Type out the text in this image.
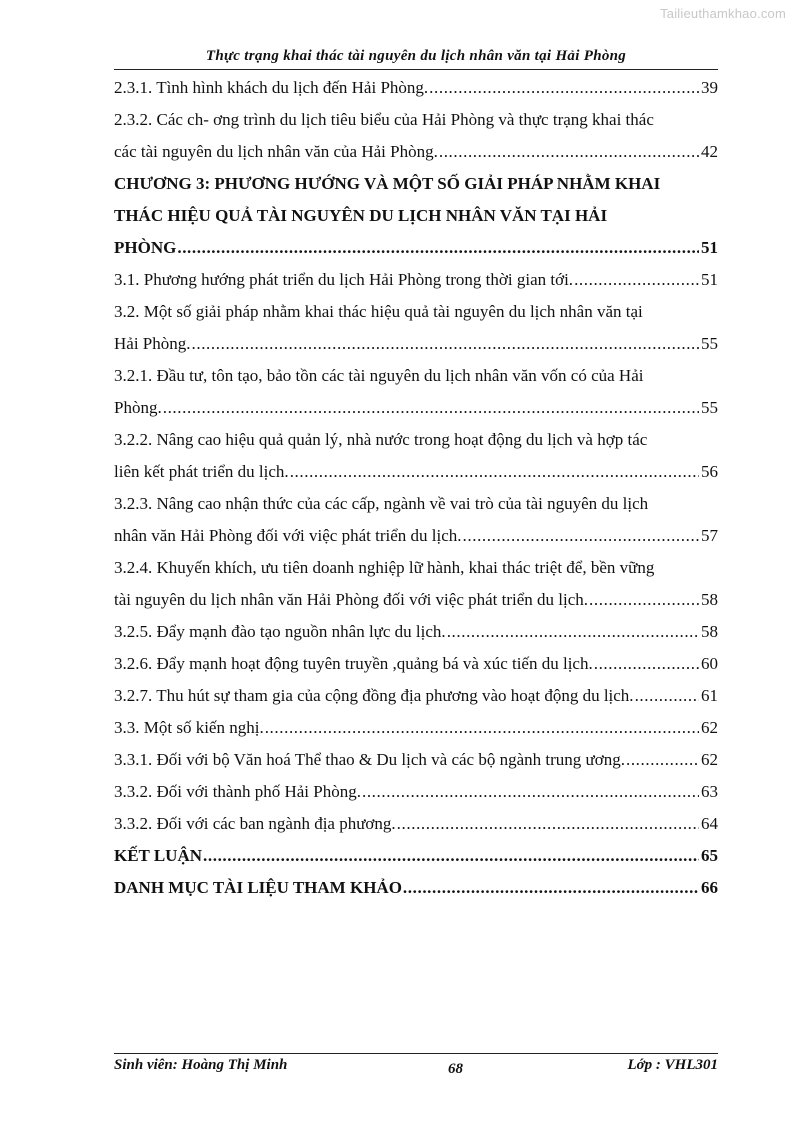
Tailieuthamkhao.com
Thực trạng khai thác tài nguyên du lịch nhân văn tại Hải Phòng
2.3.1. Tình hình khách du lịch đến Hải Phòng. .....	39
2.3.2. Các ch- ơng trình du lịch tiêu biểu của Hải Phòng và thực trạng khai thác
các tài nguyên du lịch nhân văn của Hải Phòng. .....	42
CHƯƠNG 3: PHƯƠNG HƯỚNG VÀ MỘT SỐ GIẢI PHÁP NHẰM KHAI
THÁC HIỆU QUẢ TÀI NGUYÊN DU LỊCH NHÂN VĂN TẠI HẢI
PHÒNG .....	51
3.1. Phương hướng phát triển du lịch Hải Phòng trong thời gian tới. .....	51
3.2. Một số giải pháp nhằm khai thác hiệu quả tài nguyên du lịch nhân văn tại
Hải Phòng. .....	55
3.2.1. Đầu tư, tôn tạo, bảo tồn các tài nguyên du lịch nhân văn vốn có của Hải
Phòng. .....	55
3.2.2. Nâng cao hiệu quả quản lý, nhà nước trong hoạt động du lịch và hợp tác
liên kết phát triển du lịch. .....	56
3.2.3. Nâng cao nhận thức của các cấp, ngành về vai trò của tài nguyên du lịch
nhân văn Hải Phòng đối với việc phát triển du lịch. .....	57
3.2.4. Khuyến khích, ưu tiên doanh nghiệp lữ hành, khai thác triệt để, bền vững
tài nguyên du lịch nhân văn Hải Phòng đối với việc phát triển du lịch. .....	58
3.2.5. Đẩy mạnh đào tạo nguồn nhân lực du lịch. .....	58
3.2.6. Đẩy mạnh hoạt động tuyên truyền ,quảng bá và xúc tiến du lịch. .....	60
3.2.7. Thu hút sự tham gia của cộng đồng địa phương vào hoạt động du lịch. .....	61
3.3. Một số kiến nghị. .....	62
3.3.1. Đối với bộ Văn hoá Thể thao & Du lịch và các bộ ngành trung ương. .....	62
3.3.2. Đối với thành phố Hải Phòng. .....	63
3.3.2. Đối với các ban ngành địa phương. .....	64
KẾT LUẬN .....	65
DANH MỤC TÀI LIỆU THAM KHẢO .....	66
Sinh viên: Hoàng Thị Minh	68	Lớp : VHL301
